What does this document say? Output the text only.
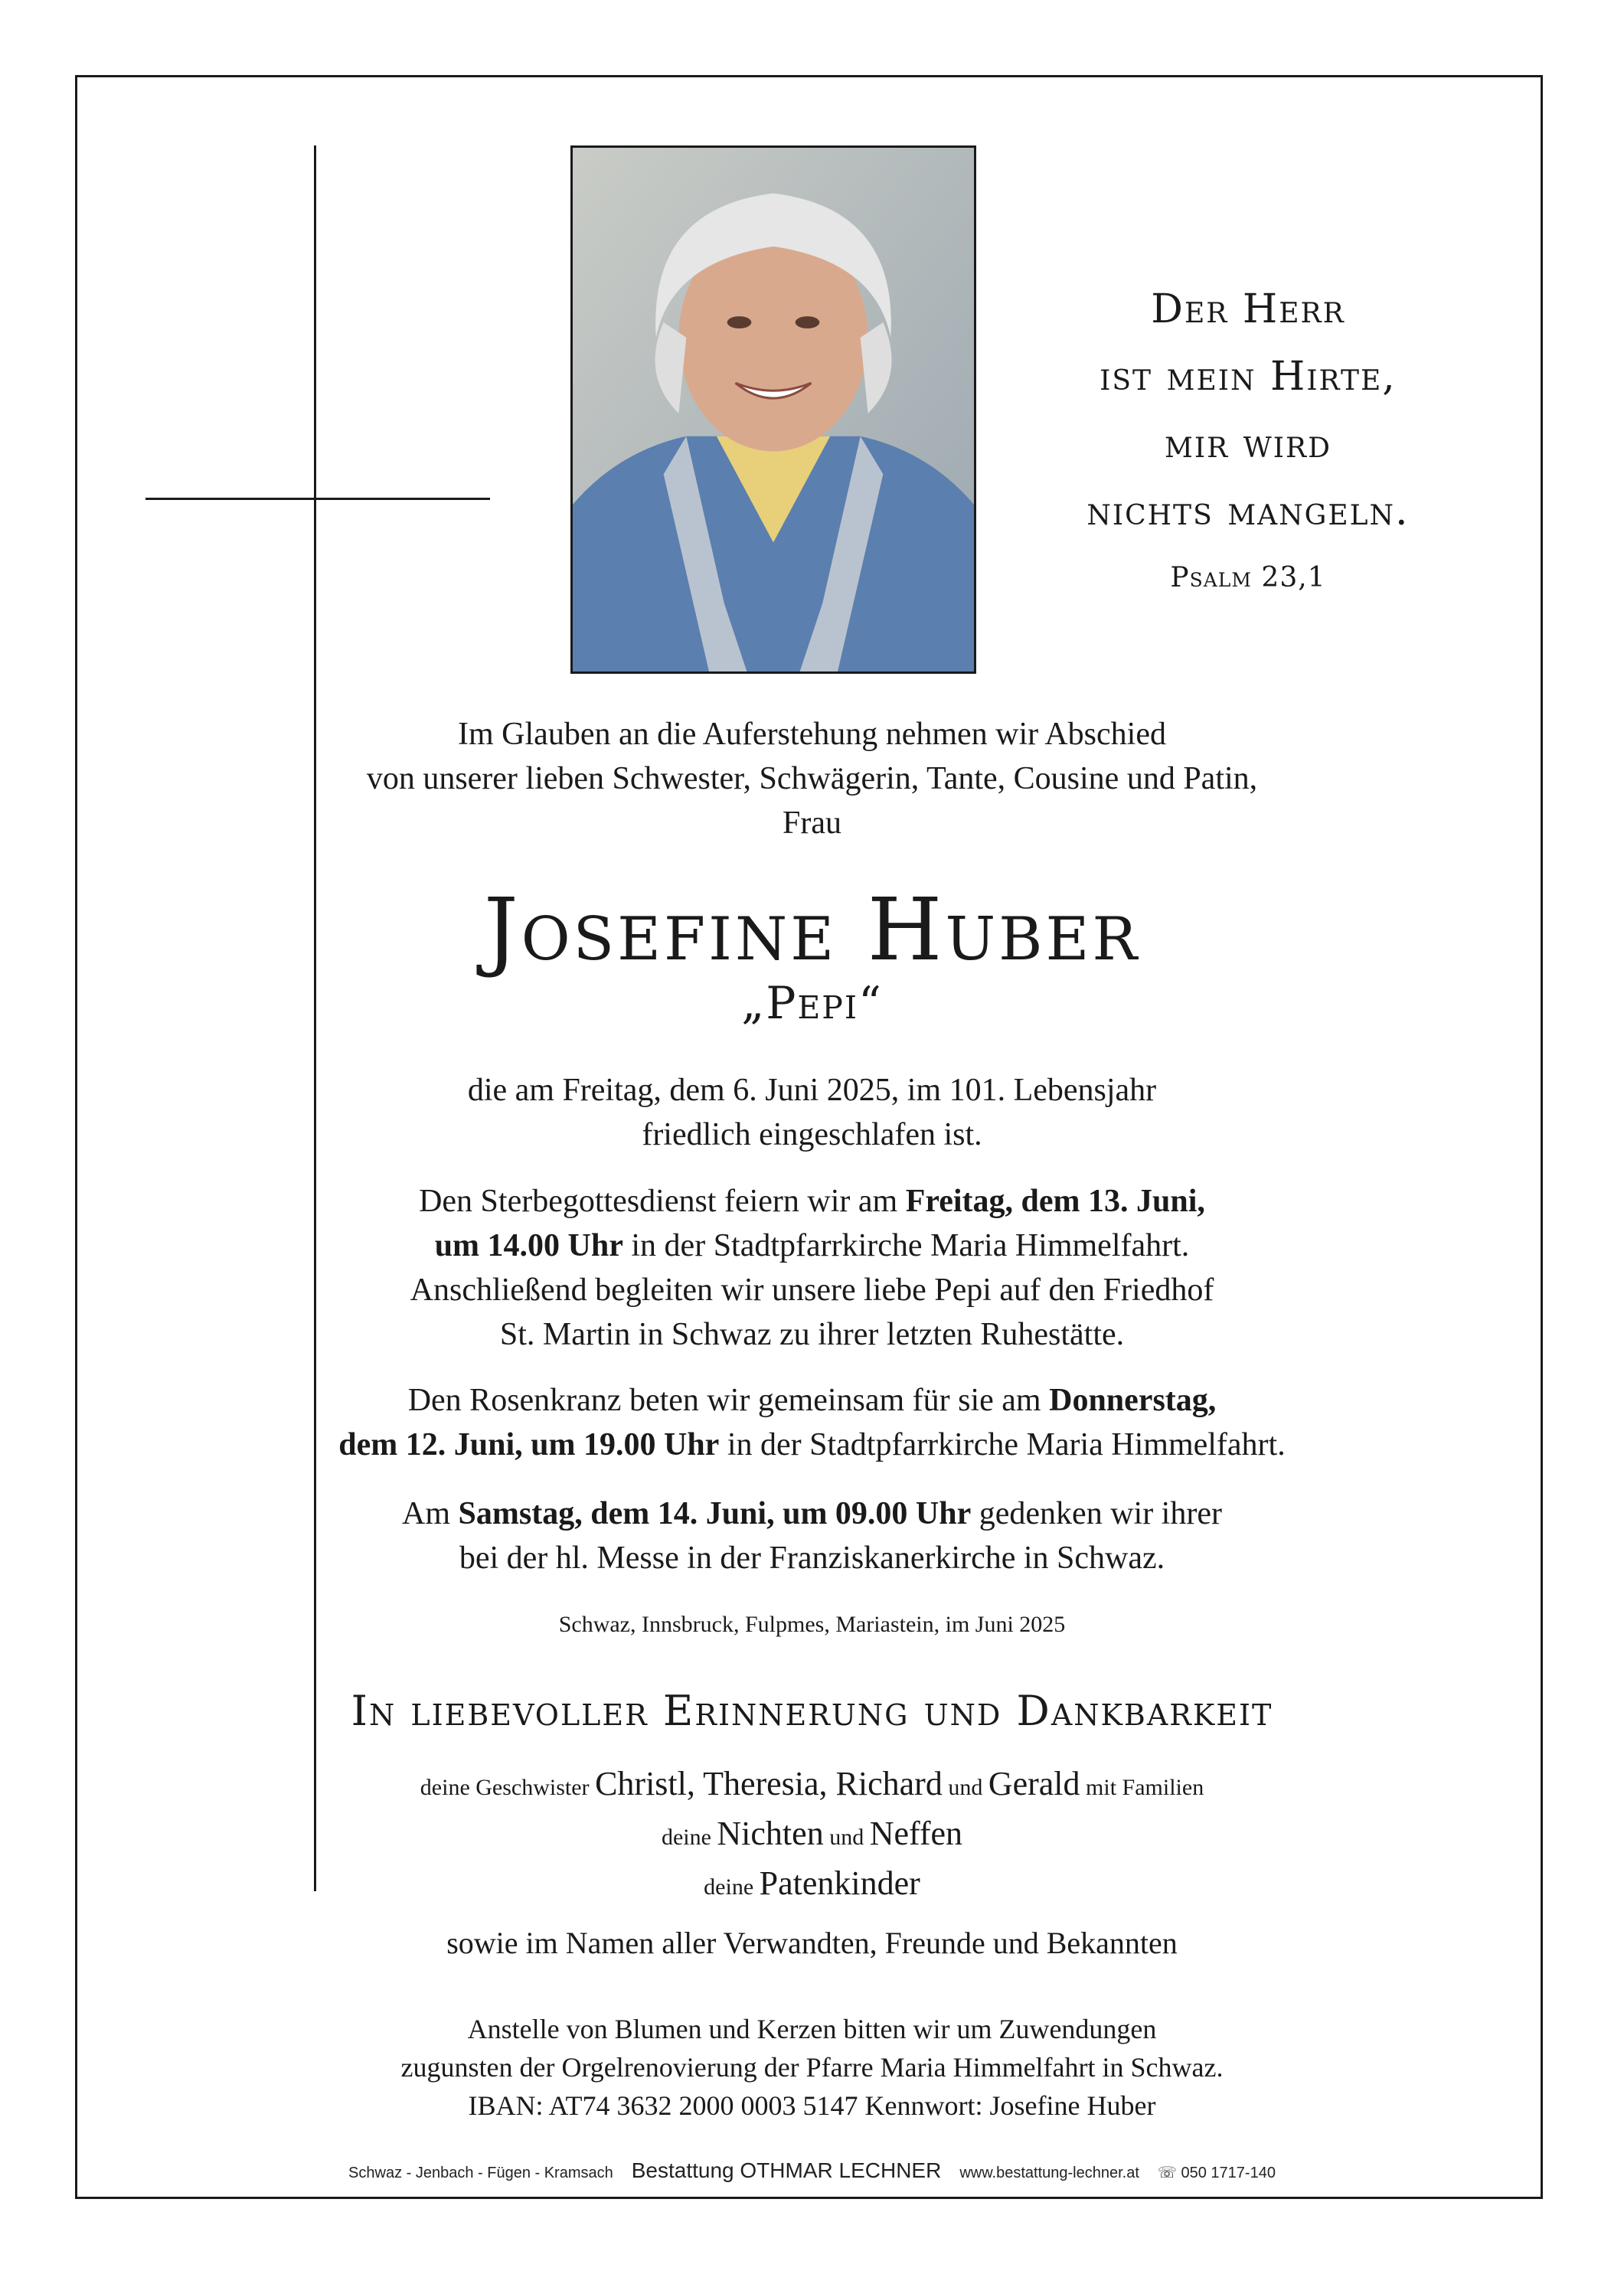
Der Herr
ist mein Hirte,
mir wird
nichts mangeln.
Psalm 23,1
Im Glauben an die Auferstehung nehmen wir Abschied
von unserer lieben Schwester, Schwägerin, Tante, Cousine und Patin,
Frau
Josefine Huber
„Pepi“
die am Freitag, dem 6. Juni 2025, im 101. Lebensjahr
friedlich eingeschlafen ist.
Den Sterbegottesdienst feiern wir am Freitag, dem 13. Juni,
um 14.00 Uhr in der Stadtpfarrkirche Maria Himmelfahrt.
Anschließend begleiten wir unsere liebe Pepi auf den Friedhof
St. Martin in Schwaz zu ihrer letzten Ruhestätte.
Den Rosenkranz beten wir gemeinsam für sie am Donnerstag,
dem 12. Juni, um 19.00 Uhr in der Stadtpfarrkirche Maria Himmelfahrt.
Am Samstag, dem 14. Juni, um 09.00 Uhr gedenken wir ihrer
bei der hl. Messe in der Franziskanerkirche in Schwaz.
Schwaz, Innsbruck, Fulpmes, Mariastein, im Juni 2025
In liebevoller Erinnerung und Dankbarkeit
deine Geschwister Christl, Theresia, Richard und Gerald mit Familien
deine Nichten und Neffen
deine Patenkinder
sowie im Namen aller Verwandten, Freunde und Bekannten
Anstelle von Blumen und Kerzen bitten wir um Zuwendungen
zugunsten der Orgelrenovierung der Pfarre Maria Himmelfahrt in Schwaz.
IBAN: AT74 3632 2000 0003 5147 Kennwort: Josefine Huber
Schwaz - Jenbach - Fügen - Kramsach Bestattung OTHMAR LECHNER www.bestattung-lechner.at ☏ 050 1717-140
